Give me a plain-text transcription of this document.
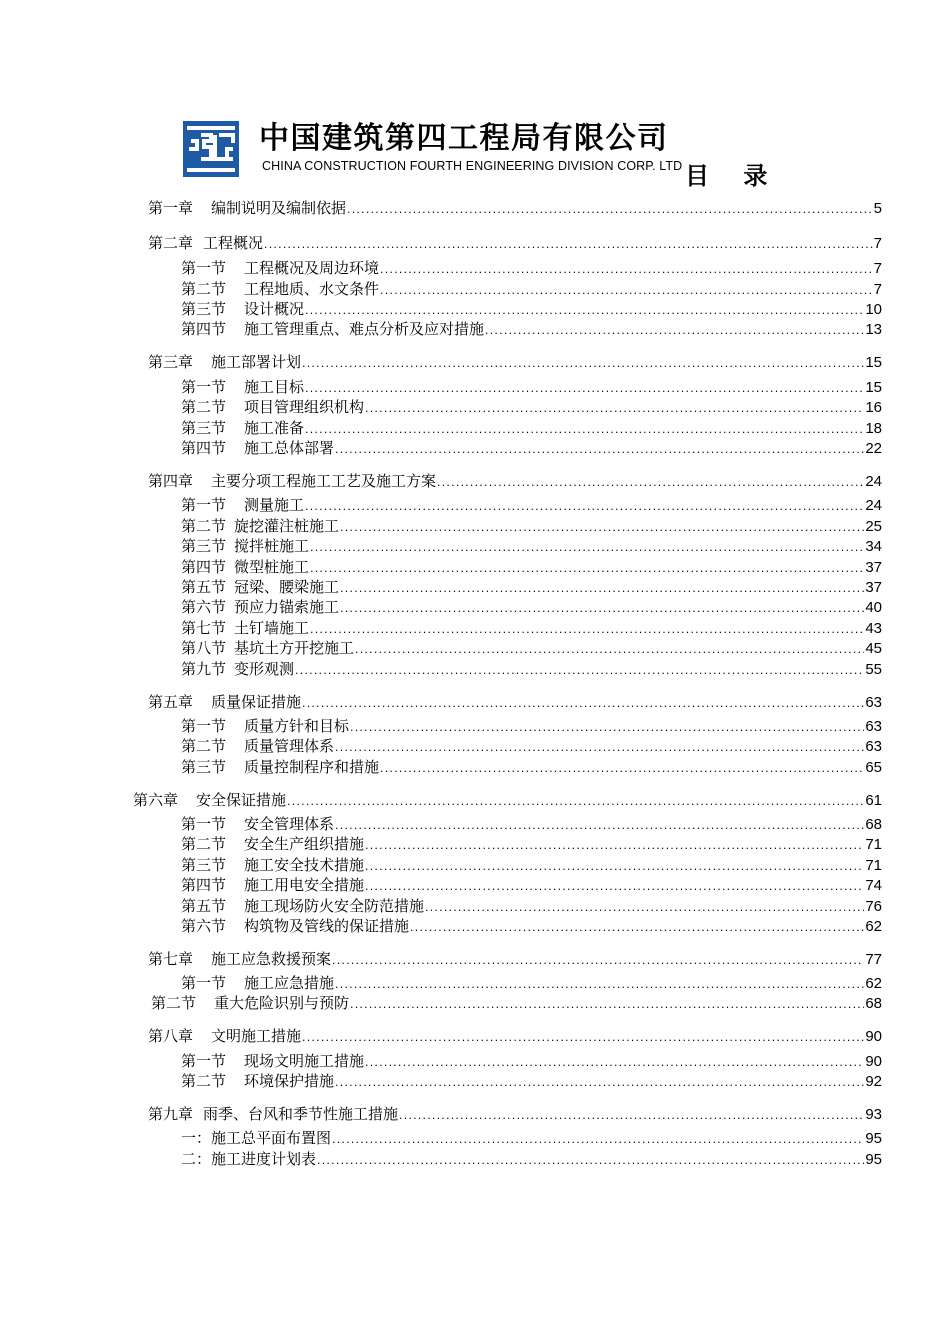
中国建筑第四工程局有限公司
CHINA CONSTRUCTION FOURTH ENGINEERING DIVISION CORP. LTD 目 录
第一章 编制说明及编制依据 .....	5
第二章 工程概况 .....	7
第一节 工程概况及周边环境 .....	7
第二节 工程地质、水文条件 .....	7
第三节 设计概况 .....	10
第四节 施工管理重点、难点分析及应对措施 .....	13
第三章 施工部署计划 .....	15
第一节 施工目标 .....	15
第二节 项目管理组织机构 .....	16
第三节 施工准备 .....	18
第四节 施工总体部署 .....	22
第四章 主要分项工程施工工艺及施工方案 .....	24
第一节 测量施工 .....	24
第二节 旋挖灌注桩施工 .....	25
第三节 搅拌桩施工 .....	34
第四节 微型桩施工 .....	37
第五节 冠梁、腰梁施工 .....	37
第六节 预应力锚索施工 .....	40
第七节 土钉墙施工 .....	43
第八节 基坑土方开挖施工 .....	45
第九节 变形观测 .....	55
第五章 质量保证措施 .....	63
第一节 质量方针和目标 .....	63
第二节 质量管理体系 .....	63
第三节 质量控制程序和措施 .....	65
第六章 安全保证措施 .....	61
第一节 安全管理体系 .....	68
第二节 安全生产组织措施 .....	71
第三节 施工安全技术措施 .....	71
第四节 施工用电安全措施 .....	74
第五节 施工现场防火安全防范措施 .....	76
第六节 构筑物及管线的保证措施 .....	62
第七章 施工应急救援预案 .....	77
第一节 施工应急措施 .....	62
第二节 重大危险识别与预防 .....	68
第八章 文明施工措施 .....	90
第一节 现场文明施工措施 .....	90
第二节 环境保护措施 .....	92
第九章 雨季、台风和季节性施工措施 .....	93
一：施工总平面布置图 .....	95
二：施工进度计划表 .....	95
